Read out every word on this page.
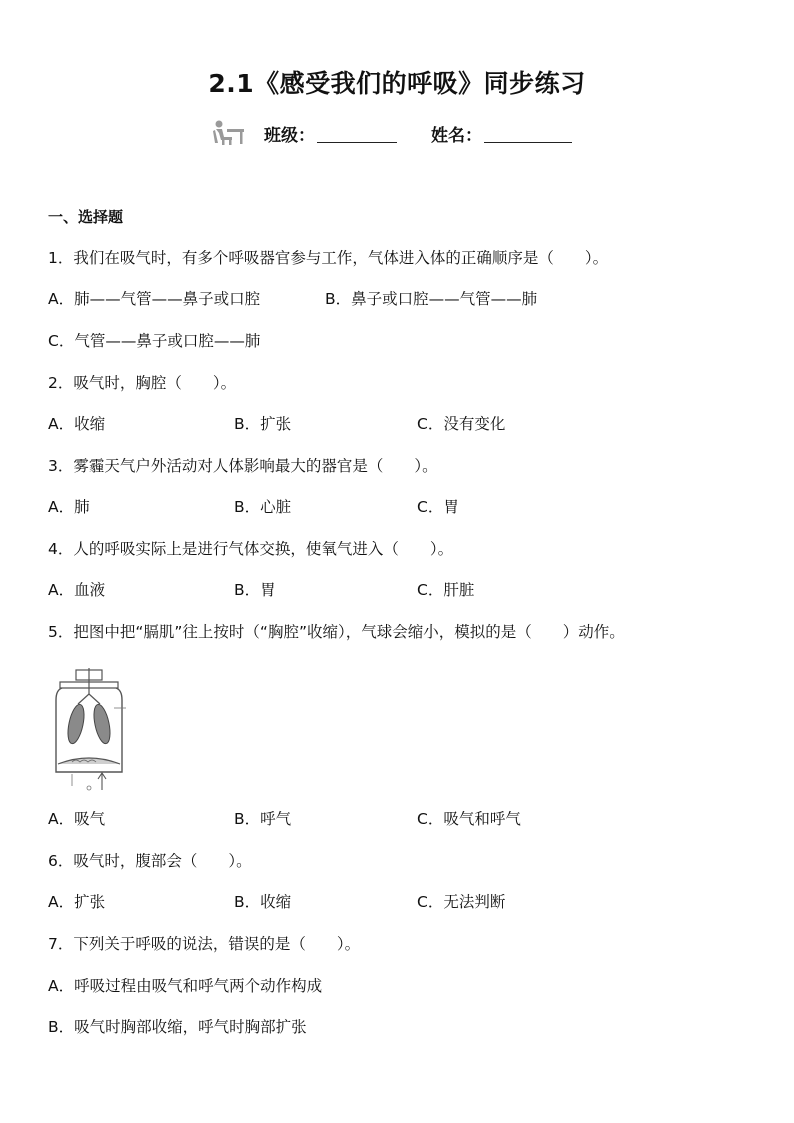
2.1《感受我们的呼吸》同步练习
班级：	姓名：
一、选择题
1．我们在吸气时，有多个呼吸器官参与工作，气体进入体的正确顺序是（　　）。
A．肺——气管——鼻子或口腔	B．鼻子或口腔——气管——肺
C．气管——鼻子或口腔——肺
2．吸气时，胸腔（　　）。
A．收缩	B．扩张	C．没有变化
3．雾霾天气户外活动对人体影响最大的器官是（　　）。
A．肺	B．心脏	C．胃
4．人的呼吸实际上是进行气体交换，使氧气进入（　　）。
A．血液	B．胃	C．肝脏
5．把图中把“膈肌”往上按时（“胸腔”收缩），气球会缩小，模拟的是（　　）动作。
A．吸气	B．呼气	C．吸气和呼气
6．吸气时，腹部会（　　）。
A．扩张	B．收缩	C．无法判断
7．下列关于呼吸的说法，错误的是（　　）。
A．呼吸过程由吸气和呼气两个动作构成
B．吸气时胸部收缩，呼气时胸部扩张
